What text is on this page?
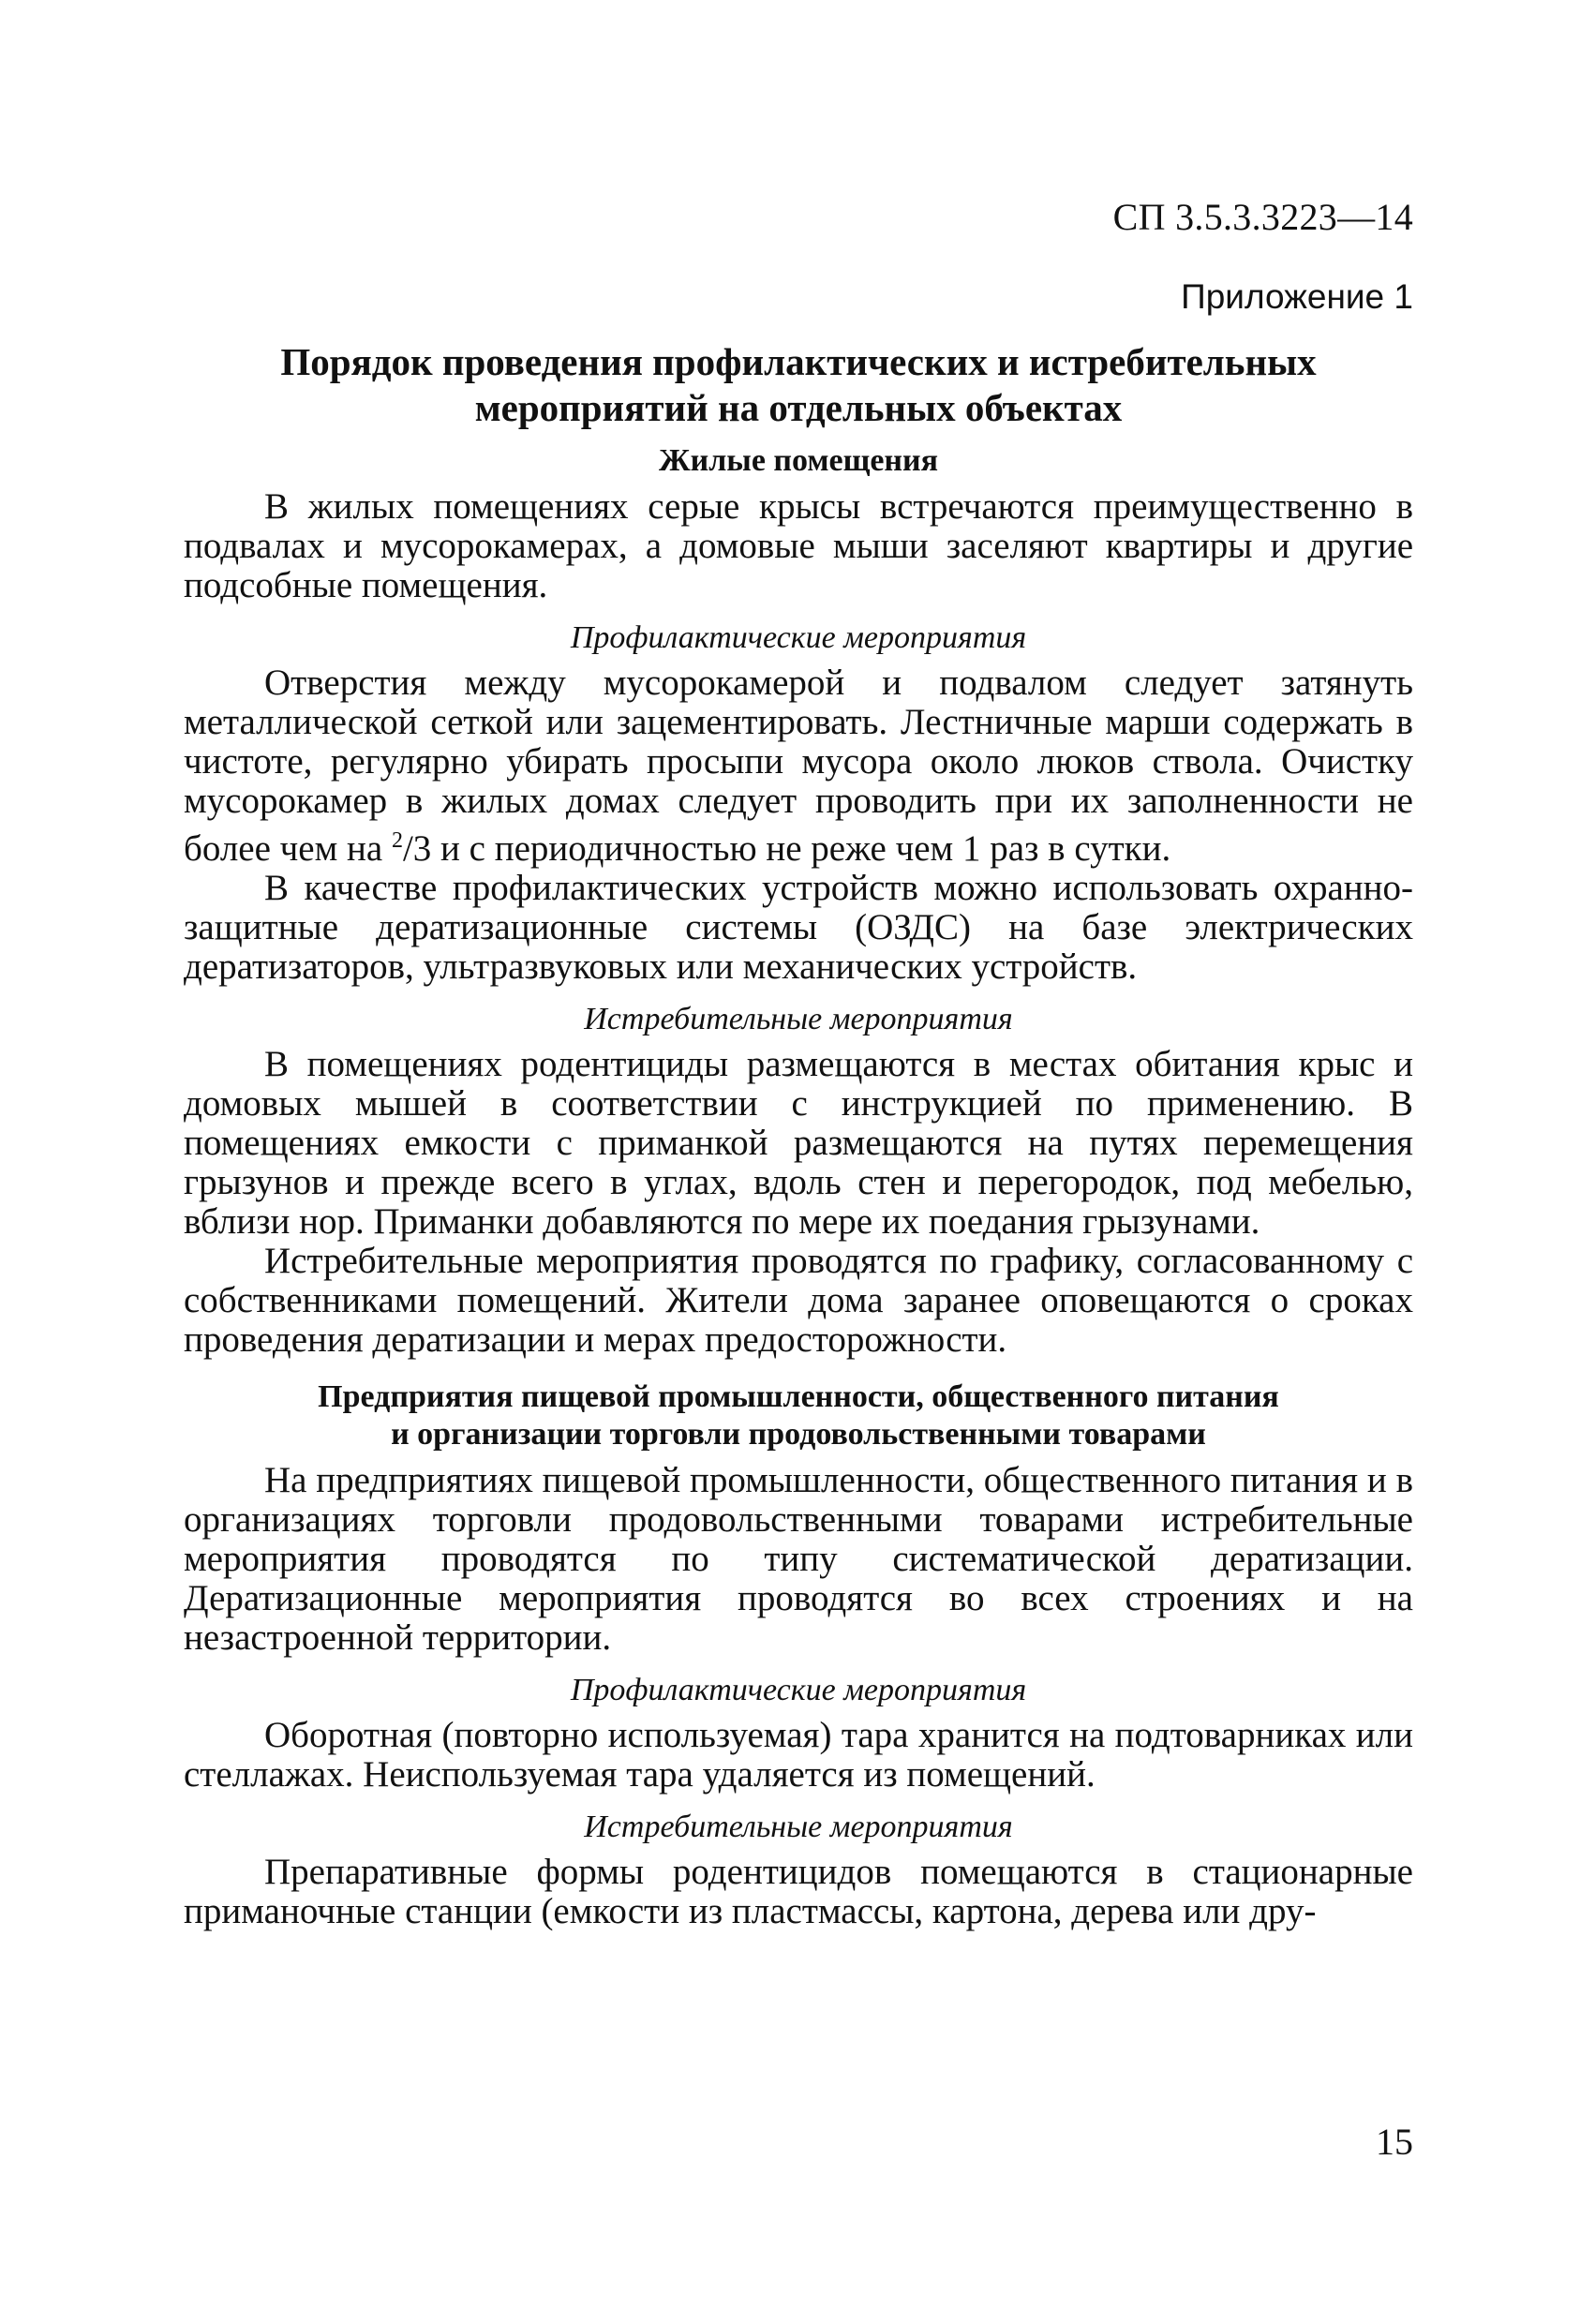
СП 3.5.3.3223—14
Приложение 1
Порядок проведения профилактических и истребительных
мероприятий на отдельных объектах
Жилые помещения

В жилых помещениях серые крысы встречаются преимущественно в подвалах и мусорокамерах, а домовые мыши заселяют квартиры и другие подсобные помещения.

Профилактические мероприятия

Отверстия между мусорокамерой и подвалом следует затянуть металлической сеткой или зацементировать. Лестничные марши содержать в чистоте, регулярно убирать просыпи мусора около люков ствола. Очистку мусорокамер в жилых домах следует проводить при их заполненности не более чем на $^2$/3 и с периодичностью не реже чем 1 раз в сутки.

В качестве профилактических устройств можно использовать охранно-защитные дератизационные системы (ОЗДС) на базе электрических дератизаторов, ультразвуковых или механических устройств.

Истребительные мероприятия

В помещениях родентициды размещаются в местах обитания крыс и домовых мышей в соответствии с инструкцией по применению. В помещениях емкости с приманкой размещаются на путях перемещения грызунов и прежде всего в углах, вдоль стен и перегородок, под мебелью, вблизи нор. Приманки добавляются по мере их поедания грызунами.

Истребительные мероприятия проводятся по графику, согласованному с собственниками помещений. Жители дома заранее оповещаются о сроках проведения дератизации и мерах предосторожности.

Предприятия пищевой промышленности, общественного питания
и организации торговли продовольственными товарами

На предприятиях пищевой промышленности, общественного питания и в организациях торговли продовольственными товарами истребительные мероприятия проводятся по типу систематической дератизации. Дератизационные мероприятия проводятся во всех строениях и на незастроенной территории.

Профилактические мероприятия

Оборотная (повторно используемая) тара хранится на подтоварниках или стеллажах. Неиспользуемая тара удаляется из помещений.

Истребительные мероприятия

Препаративные формы родентицидов помещаются в стационарные приманочные станции (емкости из пластмассы, картона, дерева или дру-

15
